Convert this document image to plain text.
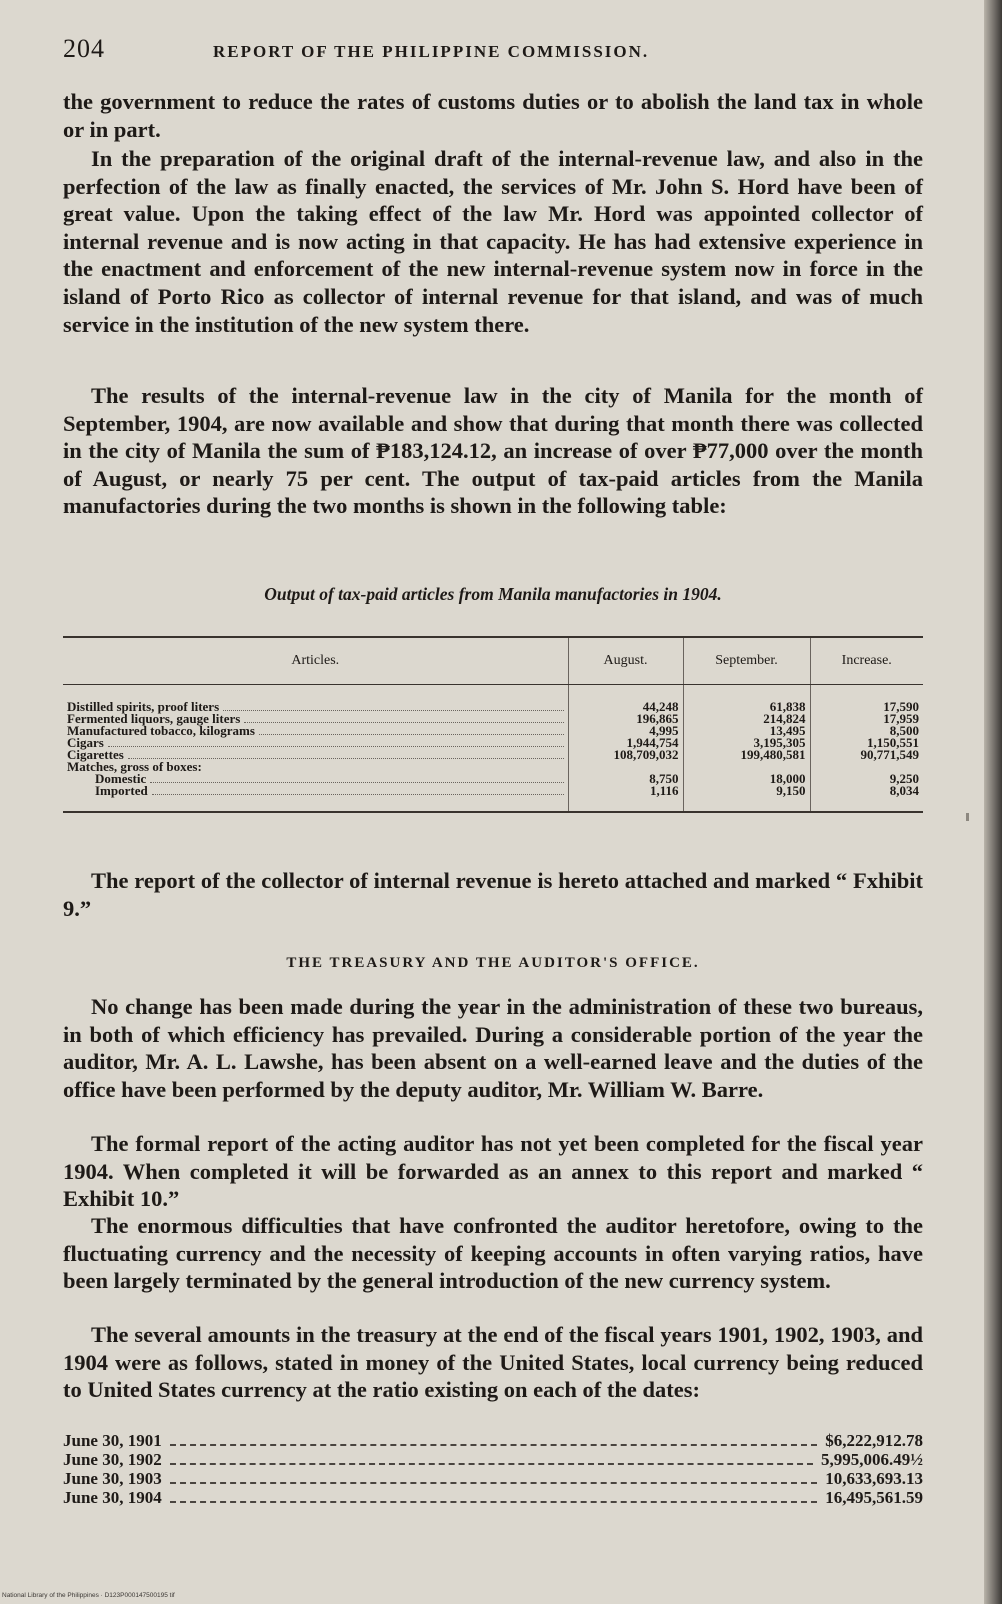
204	REPORT OF THE PHILIPPINE COMMISSION.

the government to reduce the rates of customs duties or to abolish the land tax in whole or in part.

In the preparation of the original draft of the internal-revenue law, and also in the perfection of the law as finally enacted, the services of Mr. John S. Hord have been of great value. Upon the taking effect of the law Mr. Hord was appointed collector of internal revenue and is now acting in that capacity. He has had extensive experience in the enactment and enforcement of the new internal-revenue system now in force in the island of Porto Rico as collector of internal revenue for that island, and was of much service in the institution of the new system there.

The results of the internal-revenue law in the city of Manila for the month of September, 1904, are now available and show that during that month there was collected in the city of Manila the sum of ₱183,124.12, an increase of over ₱77,000 over the month of August, or nearly 75 per cent. The output of tax-paid articles from the Manila manufactories during the two months is shown in the following table:

Output of tax-paid articles from Manila manufactories in 1904.
Articles.	August.	September.	Increase.

Distilled spirits, proof liters	44,248	61,838	17,590

Fermented liquors, gauge liters	196,865	214,824	17,959

Manufactured tobacco, kilograms	4,995	13,495	8,500

Cigars	1,944,754	3,195,305	1,150,551

Cigarettes	108,709,032	199,480,581	90,771,549

Matches, gross of boxes:			

Domestic	8,750	18,000	9,250

Imported	1,116	9,150	8,034

The report of the collector of internal revenue is hereto attached and marked “ Fxhibit 9.”

THE TREASURY AND THE AUDITOR'S OFFICE.

No change has been made during the year in the administration of these two bureaus, in both of which efficiency has prevailed. During a considerable portion of the year the auditor, Mr. A. L. Lawshe, has been absent on a well-earned leave and the duties of the office have been performed by the deputy auditor, Mr. William W. Barre.

The formal report of the acting auditor has not yet been completed for the fiscal year 1904. When completed it will be forwarded as an annex to this report and marked “ Exhibit 10.”

The enormous difficulties that have confronted the auditor heretofore, owing to the fluctuating currency and the necessity of keeping accounts in often varying ratios, have been largely terminated by the general introduction of the new currency system.

The several amounts in the treasury at the end of the fiscal years 1901, 1902, 1903, and 1904 were as follows, stated in money of the United States, local currency being reduced to United States currency at the ratio existing on each of the dates:

June 30, 1901	$6,222,912.78
June 30, 1902	5,995,006.49½
June 30, 1903	10,633,693.13
June 30, 1904	16,495,561.59
National Library of the Philippines · D123P000147500195 tif
